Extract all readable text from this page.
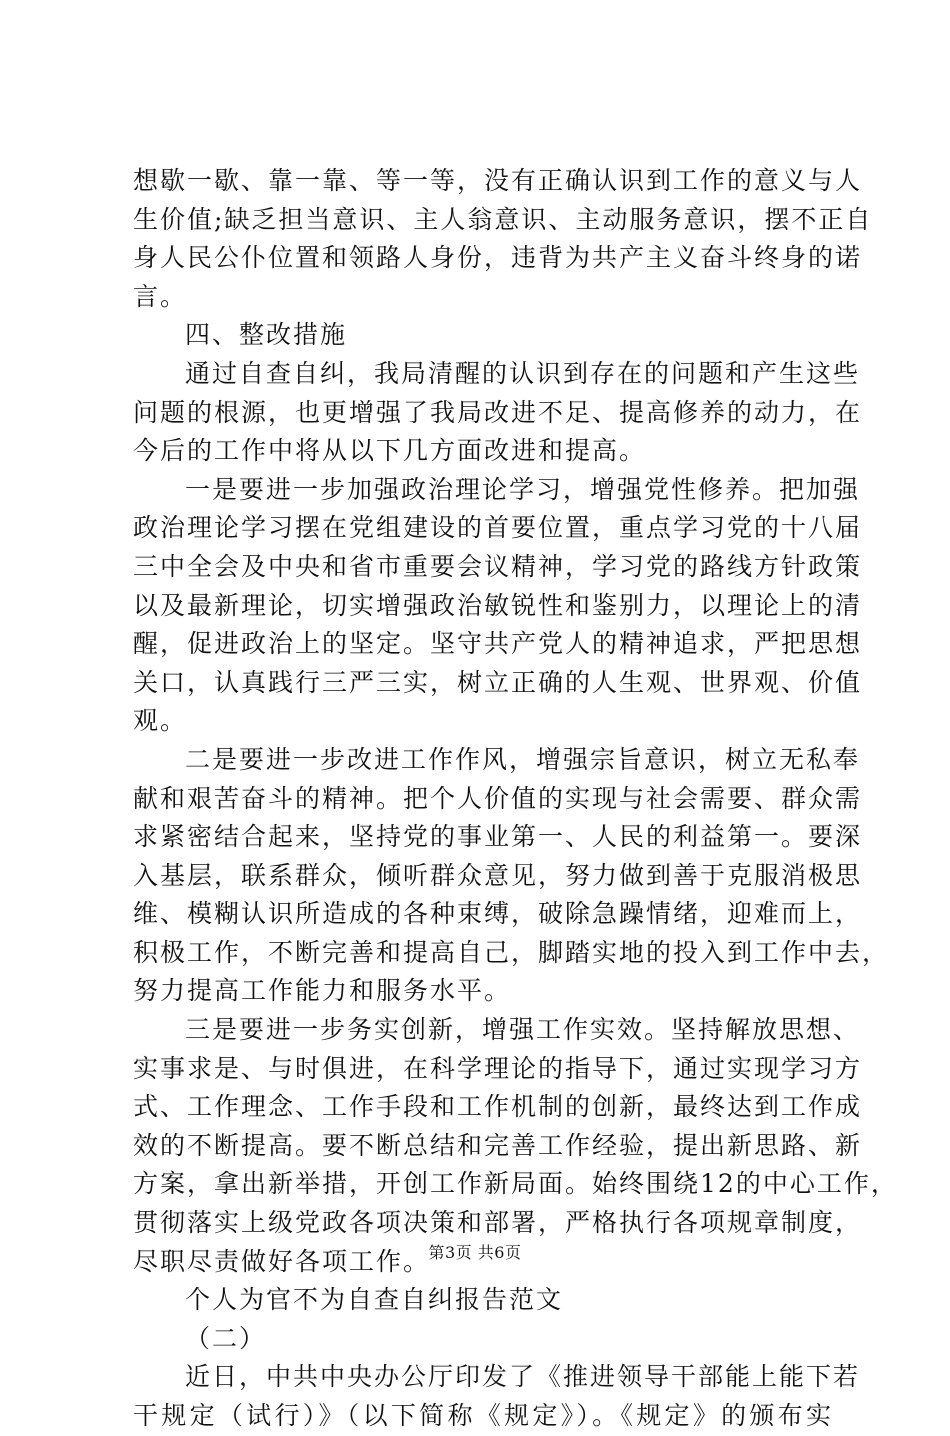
想歇一歇、靠一靠、等一等，没有正确认识到工作的意义与人
生价值;缺乏担当意识、主人翁意识、主动服务意识，摆不正自
身人民公仆位置和领路人身份，违背为共产主义奋斗终身的诺
言。
四、整改措施
通过自查自纠，我局清醒的认识到存在的问题和产生这些
问题的根源，也更增强了我局改进不足、提高修养的动力，在
今后的工作中将从以下几方面改进和提高。
一是要进一步加强政治理论学习，增强党性修养。把加强
政治理论学习摆在党组建设的首要位置，重点学习党的十八届
三中全会及中央和省市重要会议精神，学习党的路线方针政策
以及最新理论，切实增强政治敏锐性和鉴别力，以理论上的清
醒，促进政治上的坚定。坚守共产党人的精神追求，严把思想
关口，认真践行三严三实，树立正确的人生观、世界观、价值
观。
二是要进一步改进工作作风，增强宗旨意识，树立无私奉
献和艰苦奋斗的精神。把个人价值的实现与社会需要、群众需
求紧密结合起来，坚持党的事业第一、人民的利益第一。要深
入基层，联系群众，倾听群众意见，努力做到善于克服消极思
维、模糊认识所造成的各种束缚，破除急躁情绪，迎难而上，
积极工作，不断完善和提高自己，脚踏实地的投入到工作中去，
努力提高工作能力和服务水平。
三是要进一步务实创新，增强工作实效。坚持解放思想、
实事求是、与时俱进，在科学理论的指导下，通过实现学习方
式、工作理念、工作手段和工作机制的创新，最终达到工作成
效的不断提高。要不断总结和完善工作经验，提出新思路、新
方案，拿出新举措，开创工作新局面。始终围绕12的中心工作，
贯彻落实上级党政各项决策和部署，严格执行各项规章制度，
尽职尽责做好各项工作。
个人为官不为自查自纠报告范文
（二）
近日，中共中央办公厅印发了《推进领导干部能上能下若
干规定（试行）》（以下简称《规定》）。《规定》的颁布实
第3页 共6页
